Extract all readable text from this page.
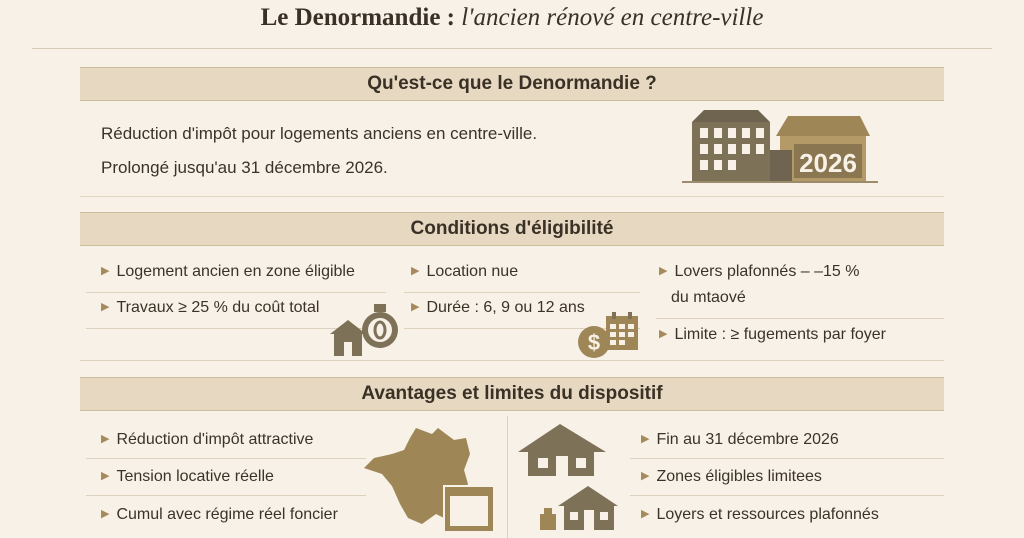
Le Denormandie : l'ancien rénové en centre-ville
Qu'est-ce que le Denormandie ?
Réduction d'impôt pour logements anciens en centre-ville.
Prolongé jusqu'au 31 décembre 2026.	2026
Conditions d'éligibilité
▶ Logement ancien en zone éligible
▶ Travaux ≥ 25 % du coût total
▶ Location nue
▶ Durée : 6, 9 ou 12 ans
$
▶ Lovers plafonnés – –15 %
du mtaové
▶ Limite : ≥ fugements par foyer
Avantages et limites du dispositif
▶ Réduction d'impôt attractive
▶ Tension locative réelle
▶ Cumul avec régime réel foncier
▶ Fin au 31 décembre 2026
▶ Zones éligibles limitees
▶ Loyers et ressources plafonnés
